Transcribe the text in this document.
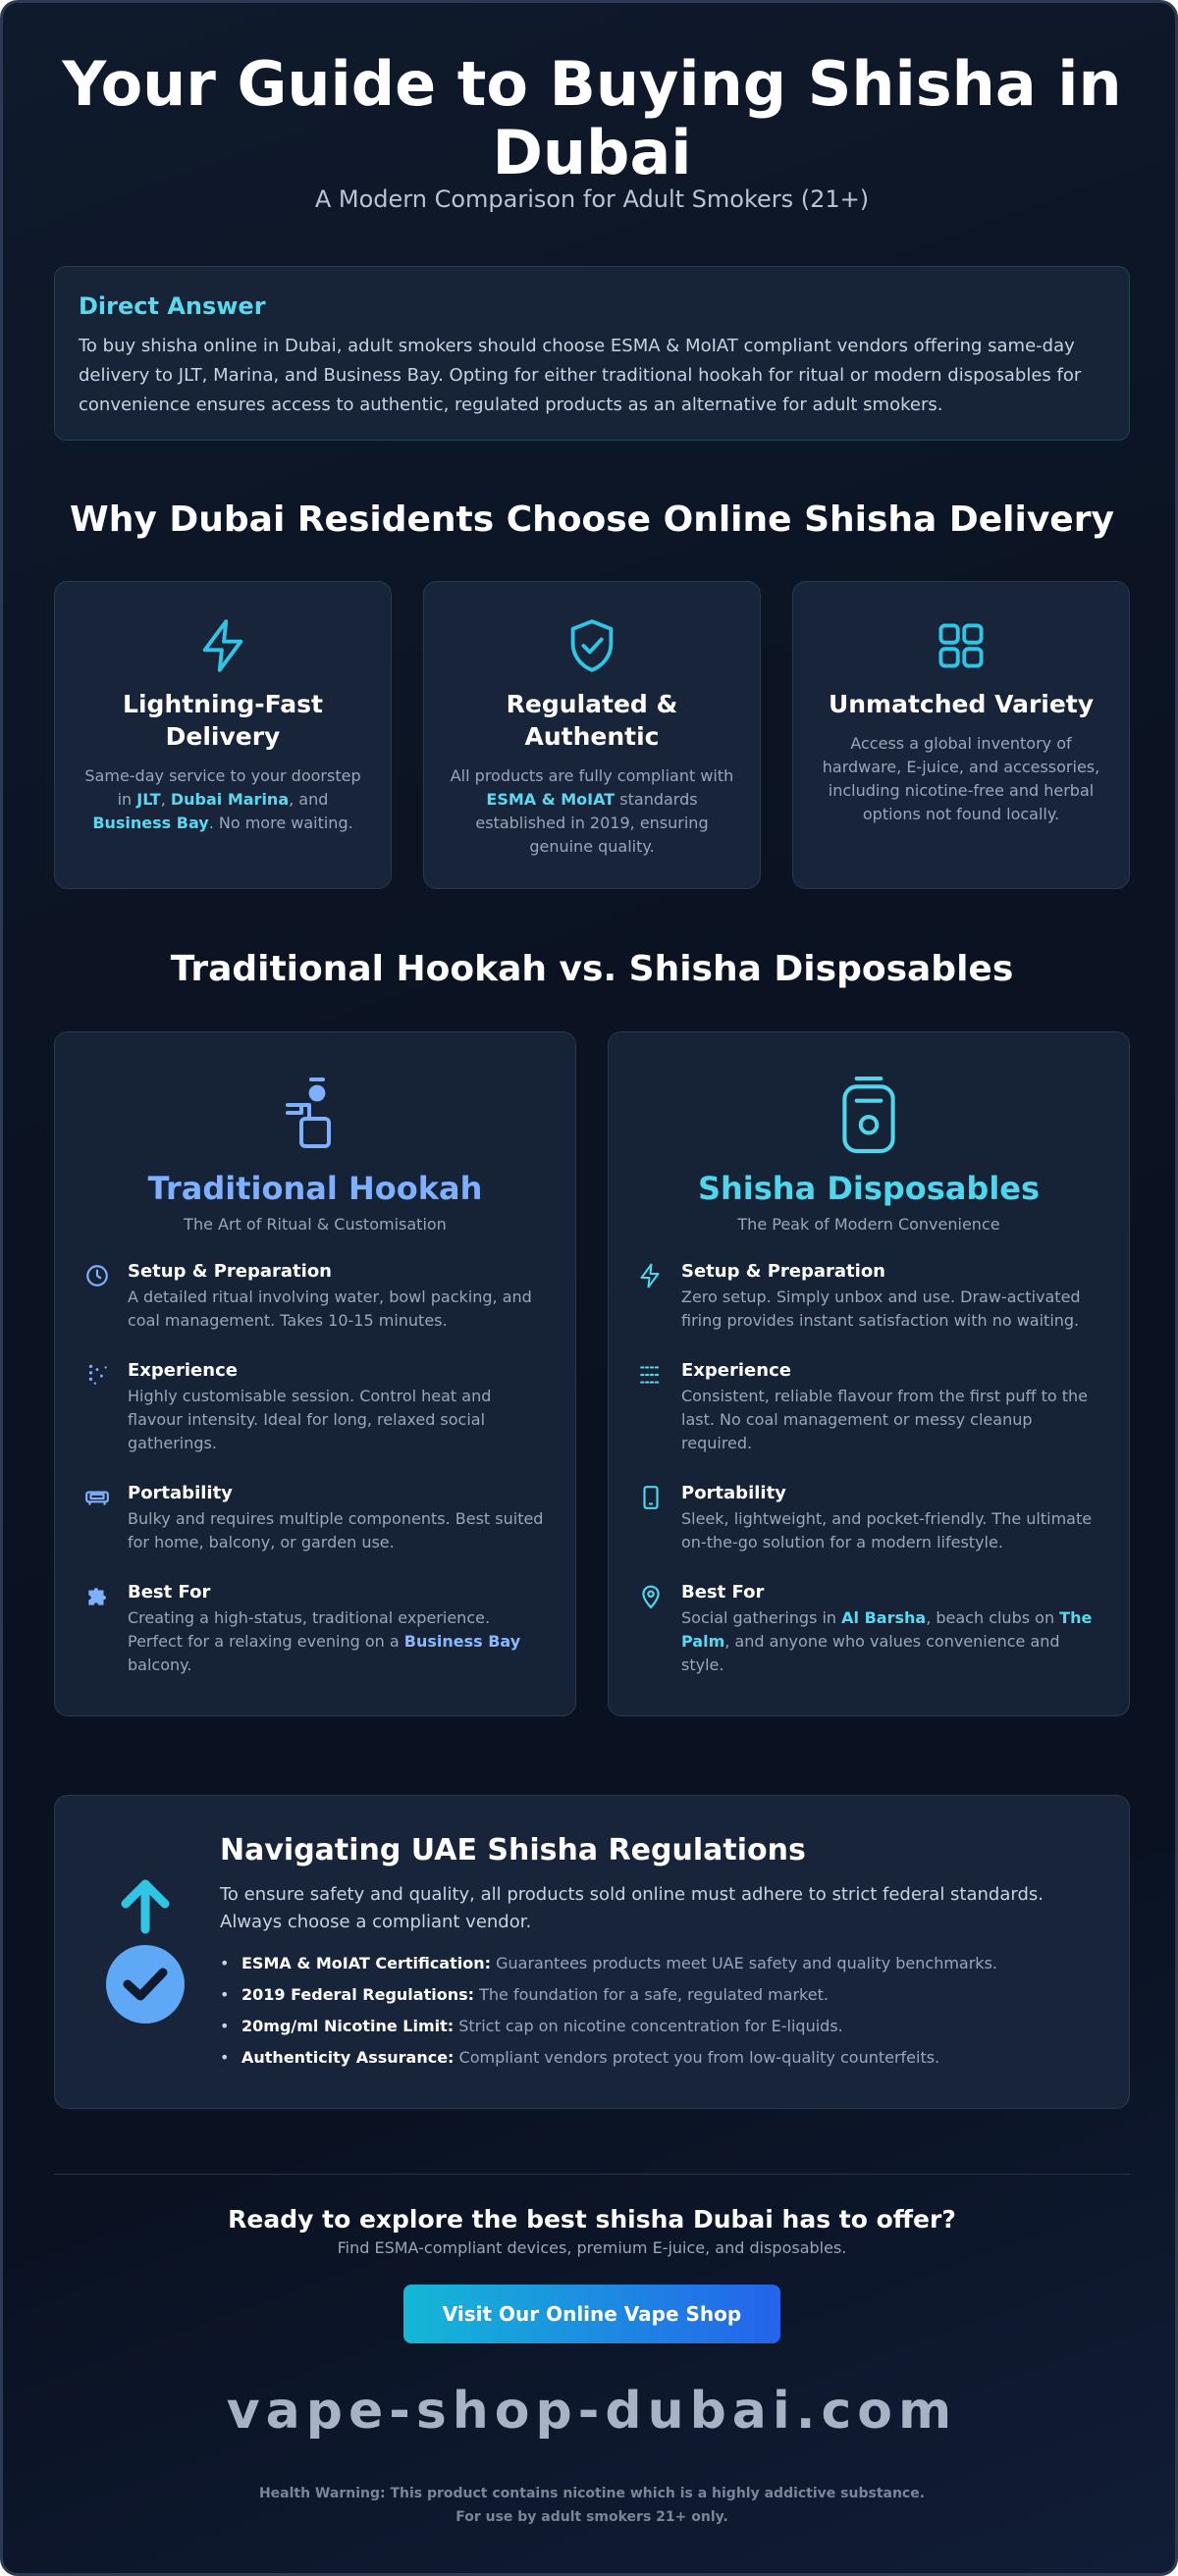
Your Guide to Buying Shisha in Dubai
A Modern Comparison for Adult Smokers (21+)
Direct Answer

To buy shisha online in Dubai, adult smokers should choose ESMA & MoIAT compliant vendors offering same-day delivery to JLT, Marina, and Business Bay. Opting for either traditional hookah for ritual or modern disposables for convenience ensures access to authentic, regulated products as an alternative for adult smokers.

Why Dubai Residents Choose Online Shisha Delivery
Lightning-Fast Delivery

Same-day service to your doorstep in JLT, Dubai Marina, and Business Bay. No more waiting.

Regulated & Authentic

All products are fully compliant with ESMA & MoIAT standards established in 2019, ensuring genuine quality.

Unmatched Variety

Access a global inventory of hardware, E-juice, and accessories, including nicotine-free and herbal options not found locally.

Traditional Hookah vs. Shisha Disposables
Traditional Hookah
The Art of Ritual & Customisation
Setup & Preparation

A detailed ritual involving water, bowl packing, and coal management. Takes 10-15 minutes.

Experience

Highly customisable session. Control heat and flavour intensity. Ideal for long, relaxed social gatherings.

Portability

Bulky and requires multiple components. Best suited for home, balcony, or garden use.

Best For

Creating a high-status, traditional experience. Perfect for a relaxing evening on a Business Bay balcony.

Shisha Disposables
The Peak of Modern Convenience
Setup & Preparation

Zero setup. Simply unbox and use. Draw-activated firing provides instant satisfaction with no waiting.

Experience

Consistent, reliable flavour from the first puff to the last. No coal management or messy cleanup required.

Portability

Sleek, lightweight, and pocket-friendly. The ultimate on-the-go solution for a modern lifestyle.

Best For

Social gatherings in Al Barsha, beach clubs on The Palm, and anyone who values convenience and style.

Navigating UAE Shisha Regulations

To ensure safety and quality, all products sold online must adhere to strict federal standards. Always choose a compliant vendor.

• ESMA & MoIAT Certification: Guarantees products meet UAE safety and quality benchmarks.
• 2019 Federal Regulations: The foundation for a safe, regulated market.
• 20mg/ml Nicotine Limit: Strict cap on nicotine concentration for E-liquids.
• Authenticity Assurance: Compliant vendors protect you from low-quality counterfeits.
Ready to explore the best shisha Dubai has to offer?
Find ESMA-compliant devices, premium E-juice, and disposables.
Visit Our Online Vape Shop
vape-shop-dubai.com
Health Warning: This product contains nicotine which is a highly addictive substance.
For use by adult smokers 21+ only.
